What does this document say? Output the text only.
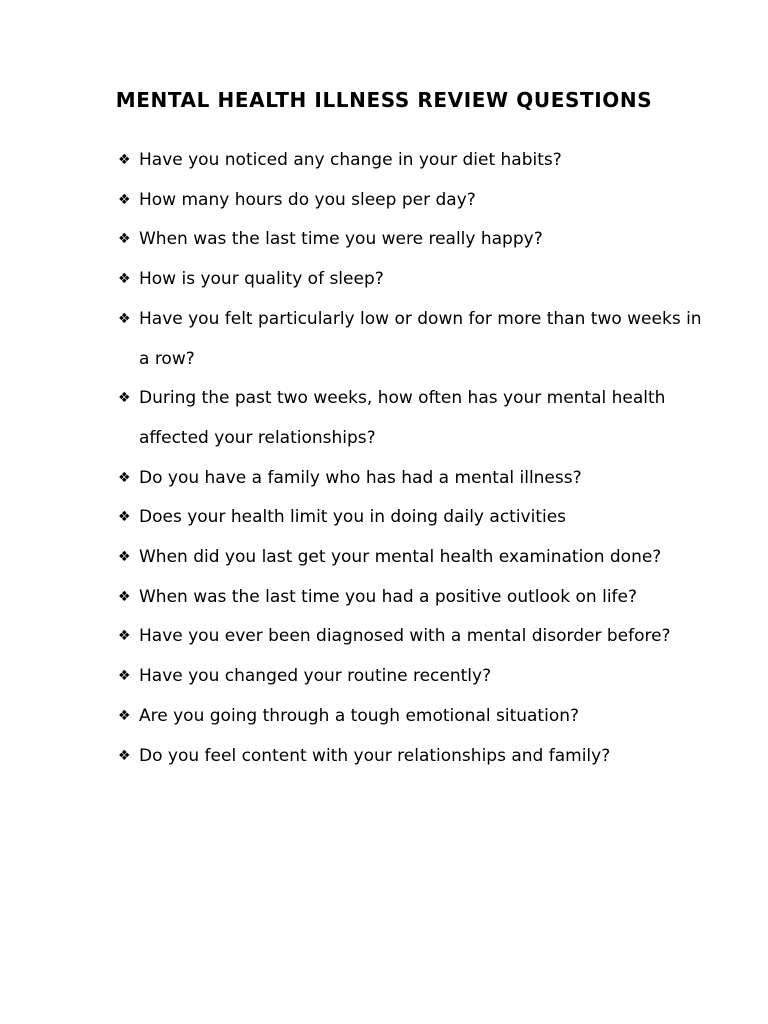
MENTAL HEALTH ILLNESS REVIEW QUESTIONS
❖ Have you noticed any change in your diet habits?
❖ How many hours do you sleep per day?
❖ When was the last time you were really happy?
❖ How is your quality of sleep?
❖ Have you felt particularly low or down for more than two weeks in a row?
❖ During the past two weeks, how often has your mental health affected your relationships?
❖ Do you have a family who has had a mental illness?
❖ Does your health limit you in doing daily activities
❖ When did you last get your mental health examination done?
❖ When was the last time you had a positive outlook on life?
❖ Have you ever been diagnosed with a mental disorder before?
❖ Have you changed your routine recently?
❖ Are you going through a tough emotional situation?
❖ Do you feel content with your relationships and family?
